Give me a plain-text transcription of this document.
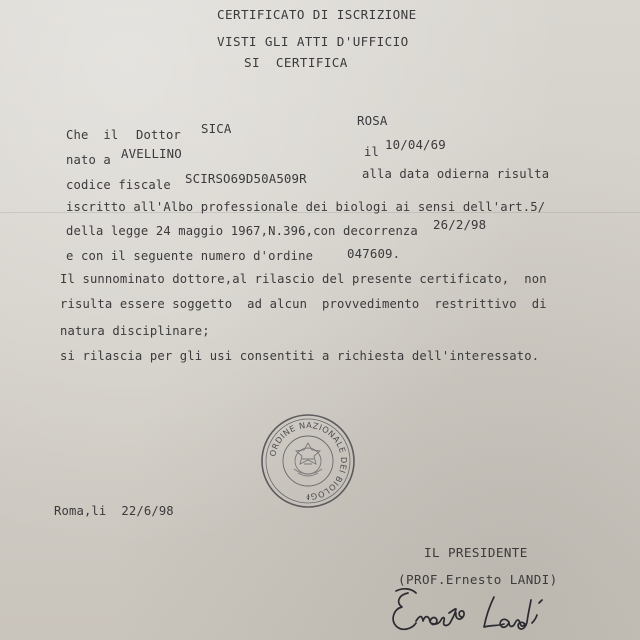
CERTIFICATO DI ISCRIZIONE
VISTI GLI ATTI D'UFFICIO
SI  CERTIFICA
Che  il Dottor SICA
ROSA
nato a AVELLINO	il 10/04/69
codice fiscale SCIRSO69D50A509R	alla data odierna risulta
iscritto all'Albo professionale dei biologi ai sensi dell'art.5/
della legge 24 maggio 1967,N.396,con decorrenza 26/2/98
e con il seguente numero d'ordine	047609.
Il sunnominato dottore,al rilascio del presente certificato,  non
risulta essere soggetto  ad alcun  provvedimento  restrittivo  di
natura disciplinare;
si rilascia per gli usi consentiti a richiesta dell'interessato.
ORDINE NAZIONALE DEI BIOLOGI
Roma,li  22/6/98
IL PRESIDENTE
(PROF.Ernesto LANDI)
